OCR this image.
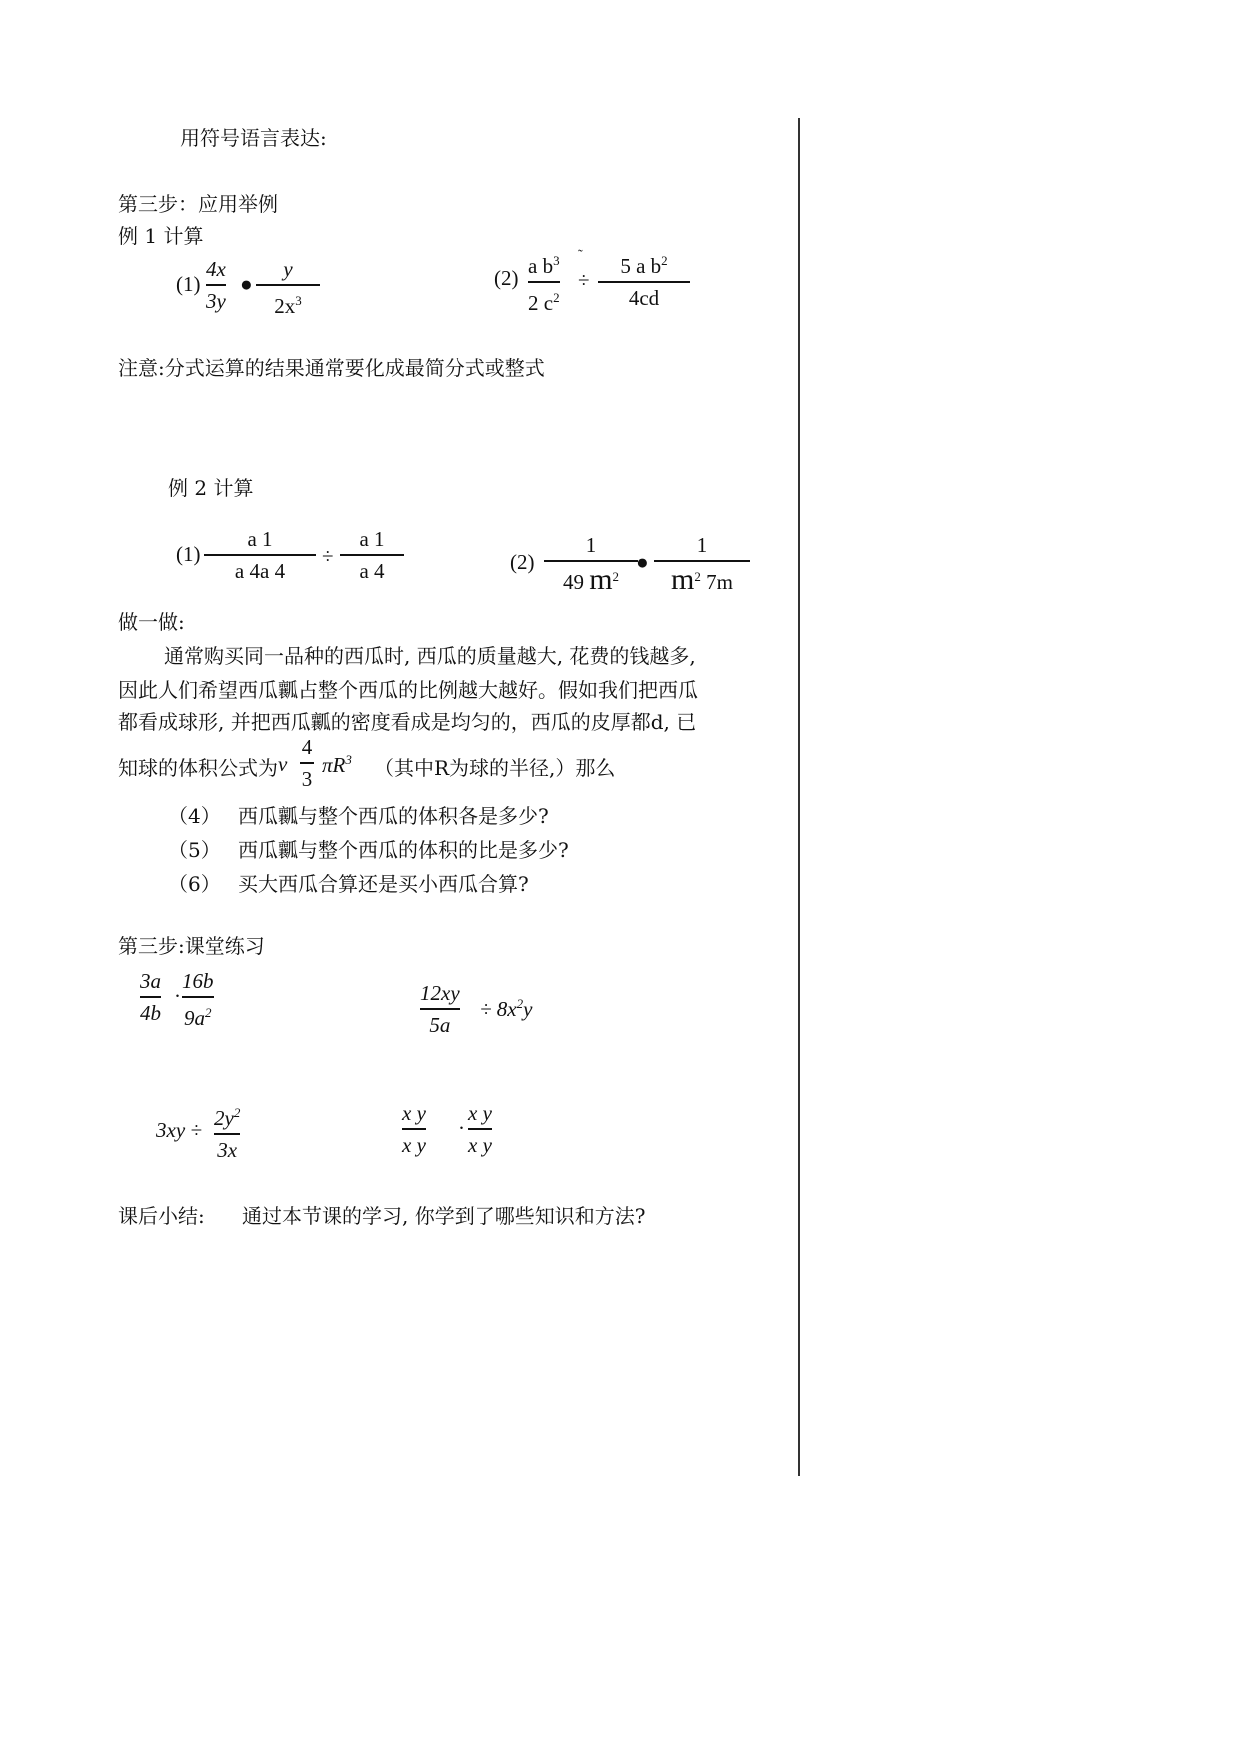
用符号语言表达:
第三步：应用举例
例 1 计算
(1)
4x
3y
●
y
$2x^3$
(2) a $b^3$
2 $c^2$
˜
÷
5 a $b^2$
4cd
注意:分式运算的结果通常要化成最简分式或整式
例 2 计算
(1)
a 1
a 4a 4
÷
a 1
a 4	(2)
1
49 $m^2$
●
1
$m^2$ 7m
做一做:
通常购买同一品种的西瓜时, 西瓜的质量越大, 花费的钱越多,
因此人们希望西瓜瓤占整个西瓜的比例越大越好。假如我们把西瓜
都看成球形, 并把西瓜瓤的密度看成是均匀的，西瓜的皮厚都d, 已
知球的体积公式为 v
4
3
$\pi R^3$ （其中R为球的半径,）那么
（4） 西瓜瓤与整个西瓜的体积各是多少?
（5） 西瓜瓤与整个西瓜的体积的比是多少?
（6） 买大西瓜合算还是买小西瓜合算?
第三步:课堂练习
3a
4b
·
16b
$9a^2$
12xy
5a
÷ $8x^2y$
$3xy \div 2y^2$
3x
x y
x y
·
x y
x y
课后小结: 通过本节课的学习, 你学到了哪些知识和方法?
